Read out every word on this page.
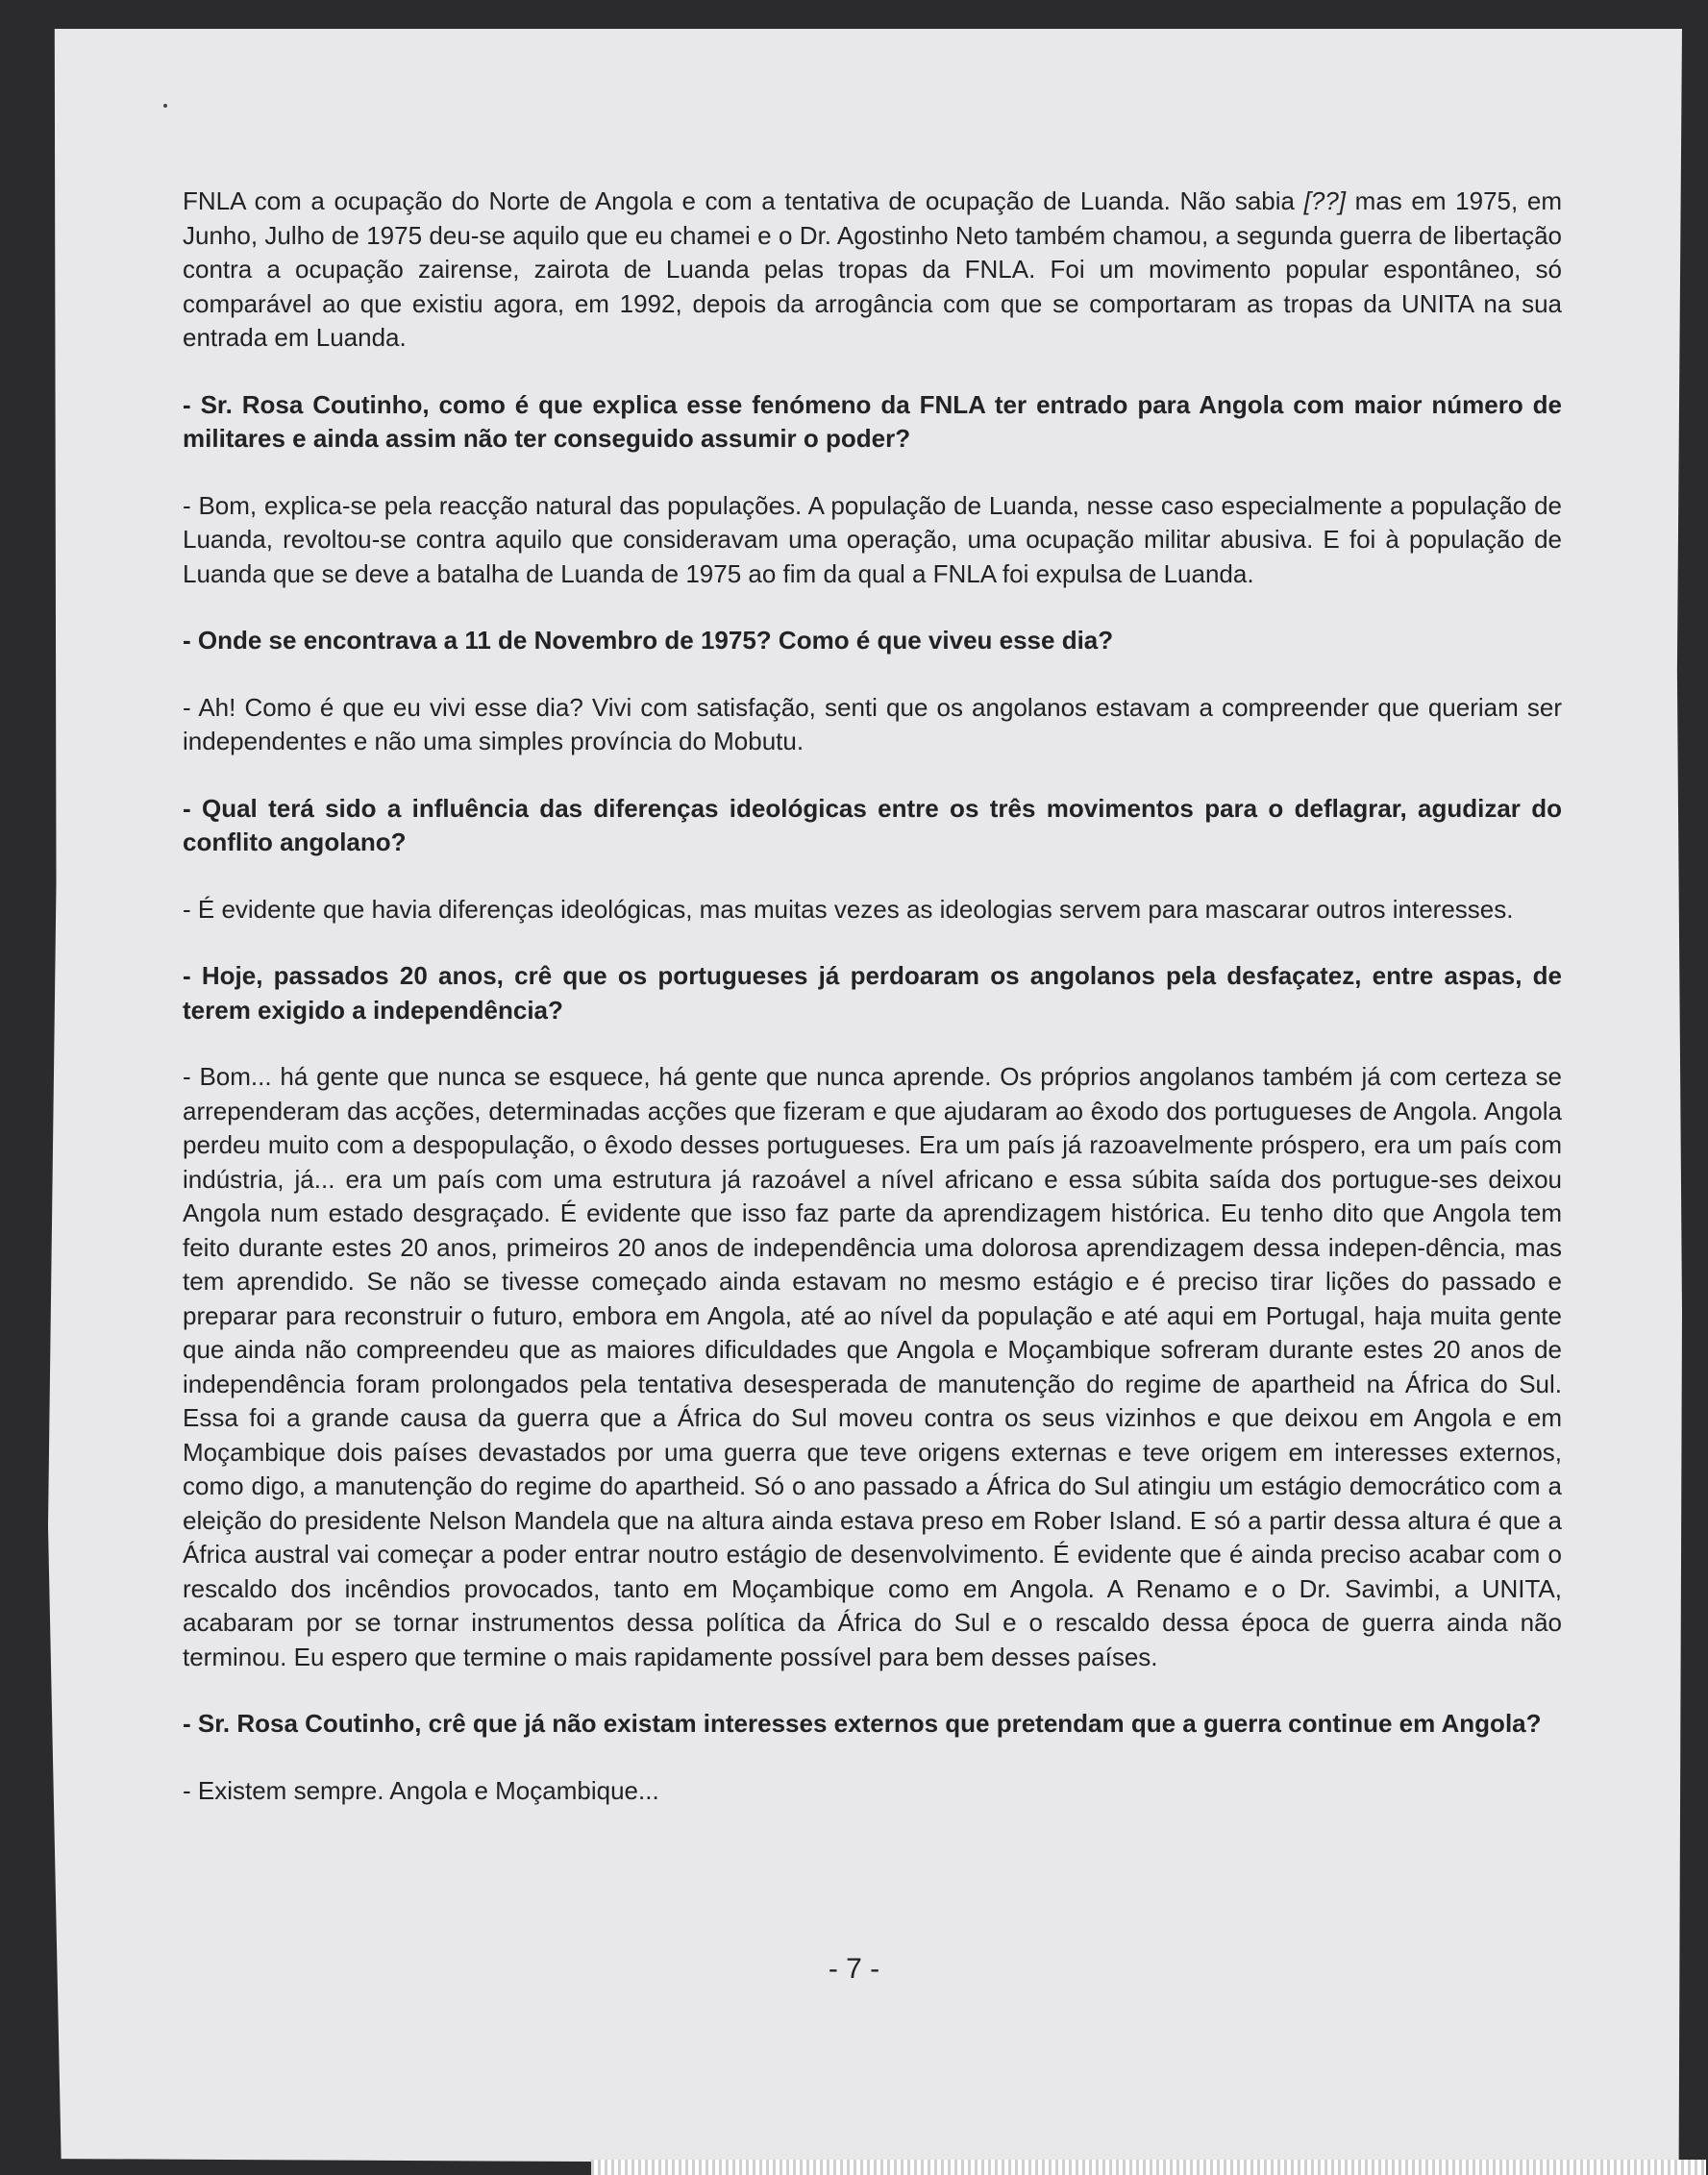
FNLA com a ocupação do Norte de Angola e com a tentativa de ocupação de Luanda. Não sabia [??] mas em 1975, em Junho, Julho de 1975 deu-se aquilo que eu chamei e o Dr. Agostinho Neto também chamou, a segunda guerra de libertação contra a ocupação zairense, zairota de Luanda pelas tropas da FNLA. Foi um movimento popular espontâneo, só comparável ao que existiu agora, em 1992, depois da arrogância com que se comportaram as tropas da UNITA na sua entrada em Luanda.

- Sr. Rosa Coutinho, como é que explica esse fenómeno da FNLA ter entrado para Angola com maior número de militares e ainda assim não ter conseguido assumir o poder?

- Bom, explica-se pela reacção natural das populações. A população de Luanda, nesse caso especialmente a população de Luanda, revoltou-se contra aquilo que consideravam uma operação, uma ocupação militar abusiva. E foi à população de Luanda que se deve a batalha de Luanda de 1975 ao fim da qual a FNLA foi expulsa de Luanda.

- Onde se encontrava a 11 de Novembro de 1975? Como é que viveu esse dia?

- Ah! Como é que eu vivi esse dia? Vivi com satisfação, senti que os angolanos estavam a compreender que queriam ser independentes e não uma simples província do Mobutu.

- Qual terá sido a influência das diferenças ideológicas entre os três movimentos para o deflagrar, agudizar do conflito angolano?

- É evidente que havia diferenças ideológicas, mas muitas vezes as ideologias servem para mascarar outros interesses.

- Hoje, passados 20 anos, crê que os portugueses já perdoaram os angolanos pela desfaçatez, entre aspas, de terem exigido a independência?

- Bom... há gente que nunca se esquece, há gente que nunca aprende. Os próprios angolanos também já com certeza se arrependeram das acções, determinadas acções que fizeram e que ajudaram ao êxodo dos portugueses de Angola. Angola perdeu muito com a despopulação, o êxodo desses portugueses. Era um país já razoavelmente próspero, era um país com indústria, já... era um país com uma estrutura já razoável a nível africano e essa súbita saída dos portugue-ses deixou Angola num estado desgraçado. É evidente que isso faz parte da aprendizagem histórica. Eu tenho dito que Angola tem feito durante estes 20 anos, primeiros 20 anos de independência uma dolorosa aprendizagem dessa indepen-dência, mas tem aprendido. Se não se tivesse começado ainda estavam no mesmo estágio e é preciso tirar lições do passado e preparar para reconstruir o futuro, embora em Angola, até ao nível da população e até aqui em Portugal, haja muita gente que ainda não compreendeu que as maiores dificuldades que Angola e Moçambique sofreram durante estes 20 anos de independência foram prolongados pela tentativa desesperada de manutenção do regime de apartheid na África do Sul. Essa foi a grande causa da guerra que a África do Sul moveu contra os seus vizinhos e que deixou em Angola e em Moçambique dois países devastados por uma guerra que teve origens externas e teve origem em interesses externos, como digo, a manutenção do regime do apartheid. Só o ano passado a África do Sul atingiu um estágio democrático com a eleição do presidente Nelson Mandela que na altura ainda estava preso em Rober Island. E só a partir dessa altura é que a África austral vai começar a poder entrar noutro estágio de desenvolvimento. É evidente que é ainda preciso acabar com o rescaldo dos incêndios provocados, tanto em Moçambique como em Angola. A Renamo e o Dr. Savimbi, a UNITA, acabaram por se tornar instrumentos dessa política da África do Sul e o rescaldo dessa época de guerra ainda não terminou. Eu espero que termine o mais rapidamente possível para bem desses países.

- Sr. Rosa Coutinho, crê que já não existam interesses externos que pretendam que a guerra continue em Angola?

- Existem sempre. Angola e Moçambique...

- 7 -
